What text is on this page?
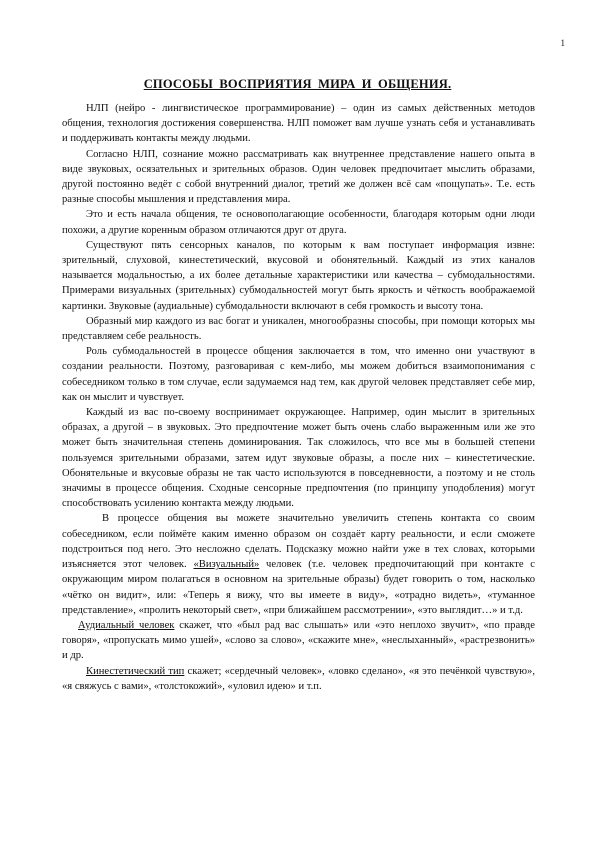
1
СПОСОБЫ ВОСПРИЯТИЯ МИРА И ОБЩЕНИЯ.

НЛП (нейро - лингвистическое программирование) – один из самых действенных методов общения, технология достижения совершенства. НЛП поможет вам лучше узнать себя и устанавливать и поддерживать контакты между людьми.

Согласно НЛП, сознание можно рассматривать как внутреннее представление нашего опыта в виде звуковых, осязательных и зрительных образов. Один человек предпочитает мыслить образами, другой постоянно ведёт с собой внутренний диалог, третий же должен всё сам «пощупать». Т.е. есть разные способы мышления и представления мира.

Это и есть начала общения, те основополагающие особенности, благодаря которым одни люди похожи, а другие коренным образом отличаются друг от друга.

Существуют пять сенсорных каналов, по которым к вам поступает информация извне: зрительный, слуховой, кинестетический, вкусовой и обонятельный. Каждый из этих каналов называется модальностью, а их более детальные характеристики или качества – субмодальностями. Примерами визуальных (зрительных) субмодальностей могут быть яркость и чёткость воображаемой картинки. Звуковые (аудиальные) субмодальности включают в себя громкость и высоту тона.

Образный мир каждого из вас богат и уникален, многообразны способы, при помощи которых мы представляем себе реальность.

Роль субмодальностей в процессе общения заключается в том, что именно они участвуют в создании реальности. Поэтому, разговаривая с кем-либо, мы можем добиться взаимопонимания с собеседником только в том случае, если задумаемся над тем, как другой человек представляет себе мир, как он мыслит и чувствует.

Каждый из вас по-своему воспринимает окружающее. Например, один мыслит в зрительных образах, а другой – в звуковых. Это предпочтение может быть очень слабо выраженным или же это может быть значительная степень доминирования. Так сложилось, что все мы в большей степени пользуемся зрительными образами, затем идут звуковые образы, а после них – кинестетические. Обонятельные и вкусовые образы не так часто используются в повседневности, а поэтому и не столь значимы в процессе общения. Сходные сенсорные предпочтения (по принципу уподобления) могут способствовать усилению контакта между людьми.

В процессе общения вы можете значительно увеличить степень контакта со своим собеседником, если поймёте каким именно образом он создаёт карту реальности, и если сможете подстроиться под него. Это несложно сделать. Подсказку можно найти уже в тех словах, которыми изъясняется этот человек. «Визуальный» человек (т.е. человек предпочитающий при контакте с окружающим миром полагаться в основном на зрительные образы) будет говорить о том, насколько «чётко он видит», или: «Теперь я вижу, что вы имеете в виду», «отрадно видеть», «туманное представление», «пролить некоторый свет», «при ближайшем рассмотрении», «это выглядит…» и т.д.

Аудиальный человек скажет, что «был рад вас слышать» или «это неплохо звучит», «по правде говоря», «пропускать мимо ушей», «слово за слово», «скажите мне», «неслыханный», «растрезвонить» и др.

Кинестетический тип скажет; «сердечный человек», «ловко сделано», «я это печёнкой чувствую», «я свяжусь с вами», «толстокожий», «уловил идею» и т.п.
